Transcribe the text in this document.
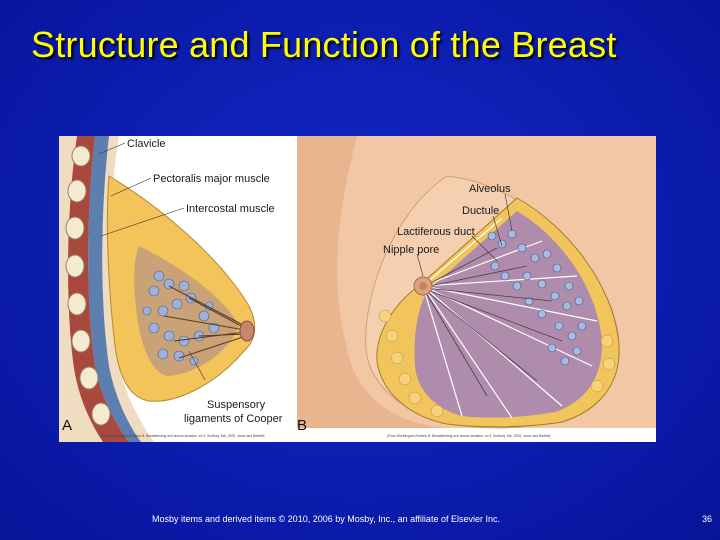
Structure and Function of the Breast
Clavicle
Pectoralis major muscle
Intercostal muscle
Suspensory
ligaments of Cooper
A
(From Worthington-Roberts B, Breastfeeding and human lactation, ed 3, Sudbury, MA, 2005, Jones and Bartlett)
Alveolus
Ductule
Lactiferous duct
Nipple pore
B
(From Worthington-Roberts B, Breastfeeding and human lactation, ed 3, Sudbury, MA, 2005, Jones and Bartlett)
Mosby items and derived items © 2010, 2006 by Mosby, Inc., an affiliate of Elsevier Inc.	36
